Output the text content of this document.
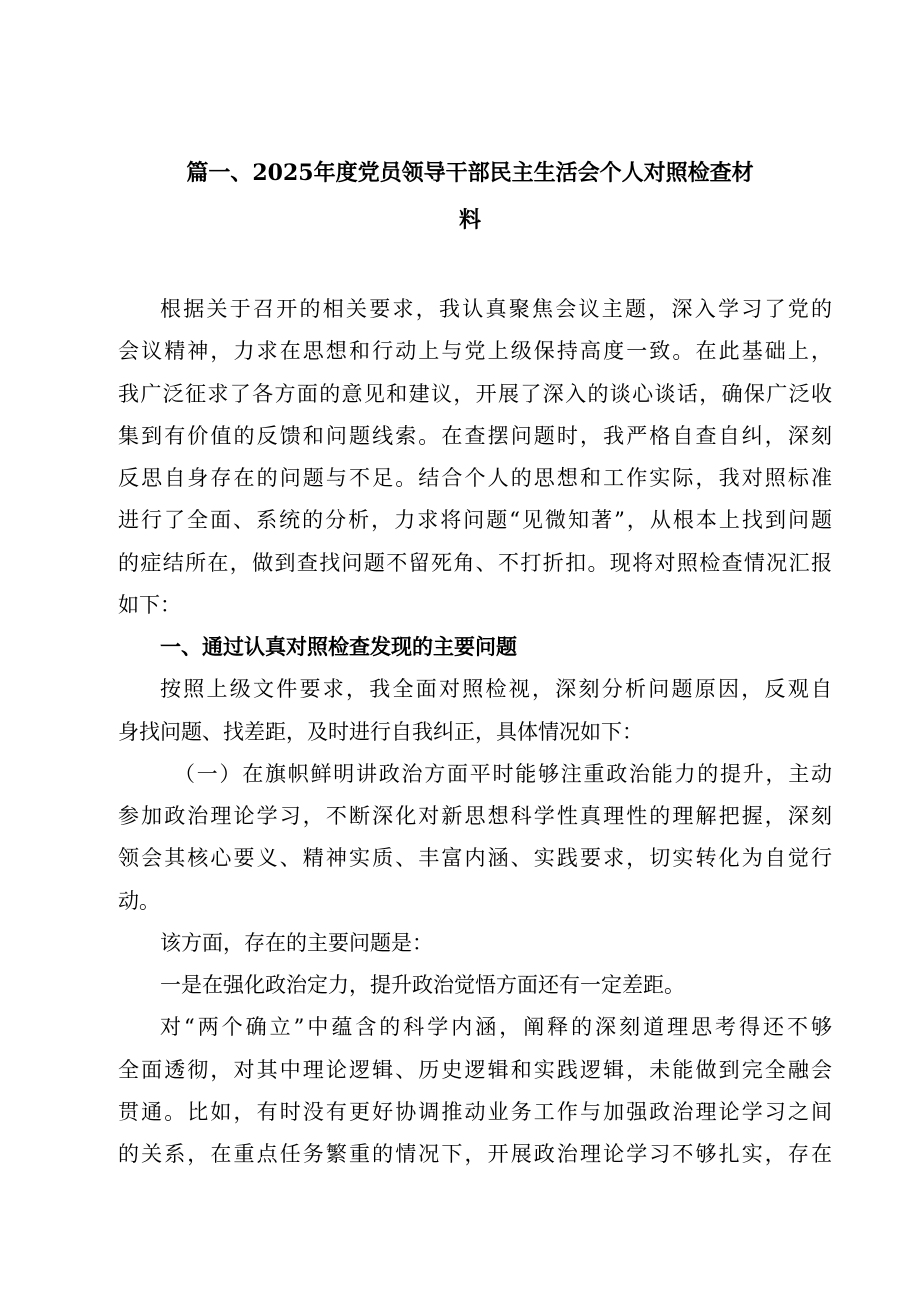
篇一、2025年度党员领导干部民主生活会个人对照检查材
料
根据关于召开的相关要求，我认真聚焦会议主题，深入学习了党的
会议精神，力求在思想和行动上与党上级保持高度一致。在此基础上，
我广泛征求了各方面的意见和建议，开展了深入的谈心谈话，确保广泛收
集到有价值的反馈和问题线索。在查摆问题时，我严格自查自纠，深刻
反思自身存在的问题与不足。结合个人的思想和工作实际，我对照标准
进行了全面、系统的分析，力求将问题“见微知著”，从根本上找到问题
的症结所在，做到查找问题不留死角、不打折扣。现将对照检查情况汇报
如下：
一、通过认真对照检查发现的主要问题
按照上级文件要求，我全面对照检视，深刻分析问题原因，反观自
身找问题、找差距，及时进行自我纠正，具体情况如下：
（一）在旗帜鲜明讲政治方面平时能够注重政治能力的提升，主动
参加政治理论学习，不断深化对新思想科学性真理性的理解把握，深刻
领会其核心要义、精神实质、丰富内涵、实践要求，切实转化为自觉行
动。
该方面，存在的主要问题是：
一是在强化政治定力，提升政治觉悟方面还有一定差距。
对“两个确立”中蕴含的科学内涵，阐释的深刻道理思考得还不够
全面透彻，对其中理论逻辑、历史逻辑和实践逻辑，未能做到完全融会
贯通。比如，有时没有更好协调推动业务工作与加强政治理论学习之间
的关系，在重点任务繁重的情况下，开展政治理论学习不够扎实，存在
